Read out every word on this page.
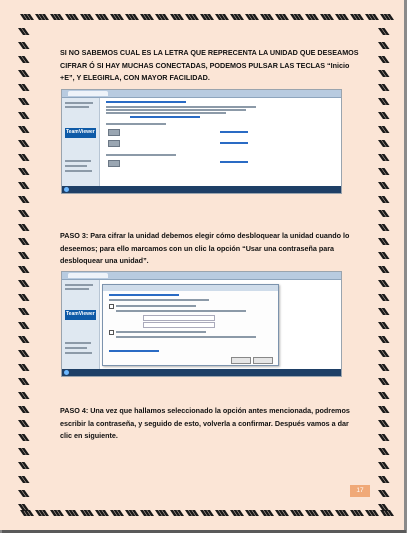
SI NO SABEMOS CUAL ES LA LETRA QUE REPRECENTA LA UNIDAD QUE DESEAMOS CIFRAR Ó SI HAY MUCHAS CONECTADAS, PODEMOS PULSAR LAS TECLAS “Inicio +E”, Y ELEGIRLA, CON MAYOR FACILIDAD.
TeamViewer
PASO 3: Para cifrar la unidad debemos elegir cómo desbloquear la unidad cuando lo deseemos; para ello marcamos con un clic la opción “Usar una contraseña para desbloquear una unidad”.
TeamViewer
PASO 4: Una vez que hallamos seleccionado la opción antes mencionada, podremos escribir la contraseña, y seguido de esto, volverla a confirmar. Después vamos a dar clic en siguiente.
17
